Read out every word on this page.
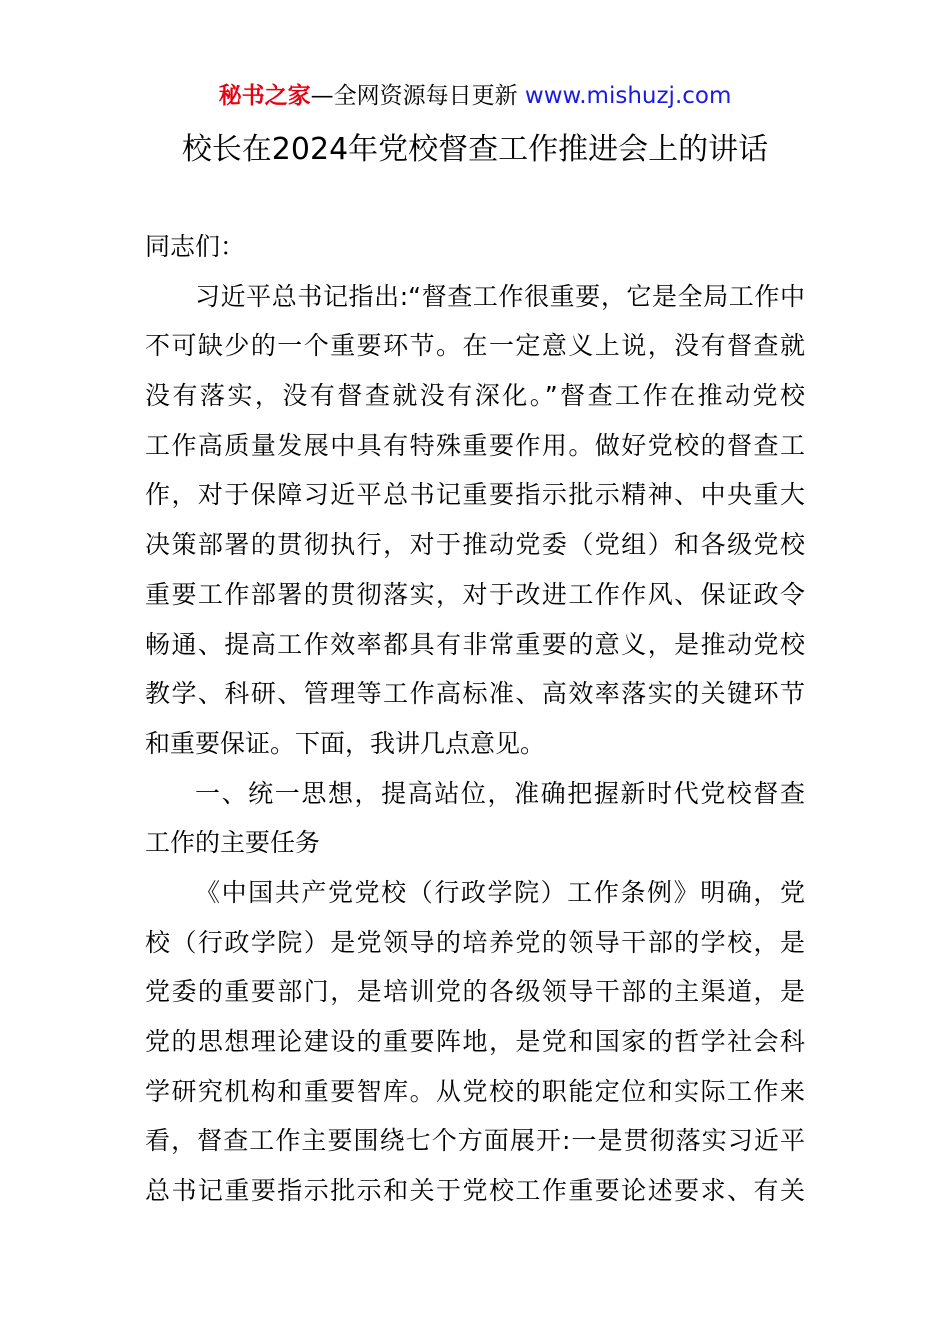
秘书之家—全网资源每日更新 www.mishuzj.com
校长在2024年党校督查工作推进会上的讲话
同志们：
习近平总书记指出:“督查工作很重要，它是全局工作中
不可缺少的一个重要环节。在一定意义上说，没有督查就
没有落实，没有督查就没有深化。”督查工作在推动党校
工作高质量发展中具有特殊重要作用。做好党校的督查工
作，对于保障习近平总书记重要指示批示精神、中央重大
决策部署的贯彻执行，对于推动党委（党组）和各级党校
重要工作部署的贯彻落实，对于改进工作作风、保证政令
畅通、提高工作效率都具有非常重要的意义，是推动党校
教学、科研、管理等工作高标准、高效率落实的关键环节
和重要保证。下面，我讲几点意见。
一、统一思想，提高站位，准确把握新时代党校督查
工作的主要任务
《中国共产党党校（行政学院）工作条例》明确，党
校（行政学院）是党领导的培养党的领导干部的学校，是
党委的重要部门，是培训党的各级领导干部的主渠道，是
党的思想理论建设的重要阵地，是党和国家的哲学社会科
学研究机构和重要智库。从党校的职能定位和实际工作来
看，督查工作主要围绕七个方面展开:一是贯彻落实习近平
总书记重要指示批示和关于党校工作重要论述要求、有关
